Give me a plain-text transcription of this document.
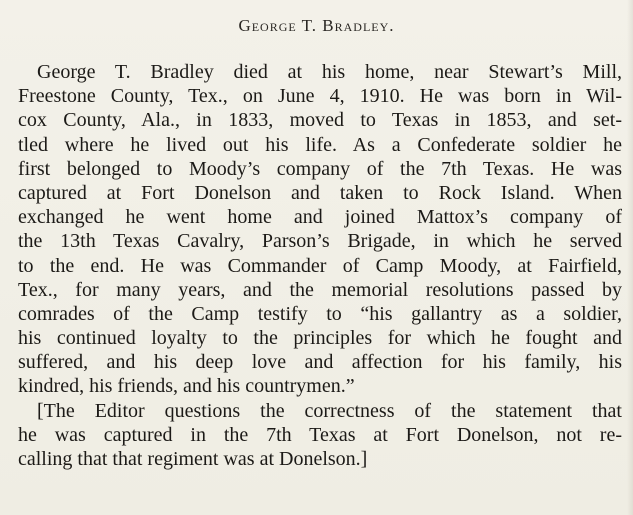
George T. Bradley.
George T. Bradley died at his home, near Stewart’s Mill,
Freestone County, Tex., on June 4, 1910. He was born in Wil-
cox County, Ala., in 1833, moved to Texas in 1853, and set-
tled where he lived out his life. As a Confederate soldier he
first belonged to Moody’s company of the 7th Texas. He was
captured at Fort Donelson and taken to Rock Island. When
exchanged he went home and joined Mattox’s company of
the 13th Texas Cavalry, Parson’s Brigade, in which he served
to the end. He was Commander of Camp Moody, at Fairfield,
Tex., for many years, and the memorial resolutions passed by
comrades of the Camp testify to “his gallantry as a soldier,
his continued loyalty to the principles for which he fought and
suffered, and his deep love and affection for his family, his
kindred, his friends, and his countrymen.”
[The Editor questions the correctness of the statement that
he was captured in the 7th Texas at Fort Donelson, not re-
calling that that regiment was at Donelson.]
